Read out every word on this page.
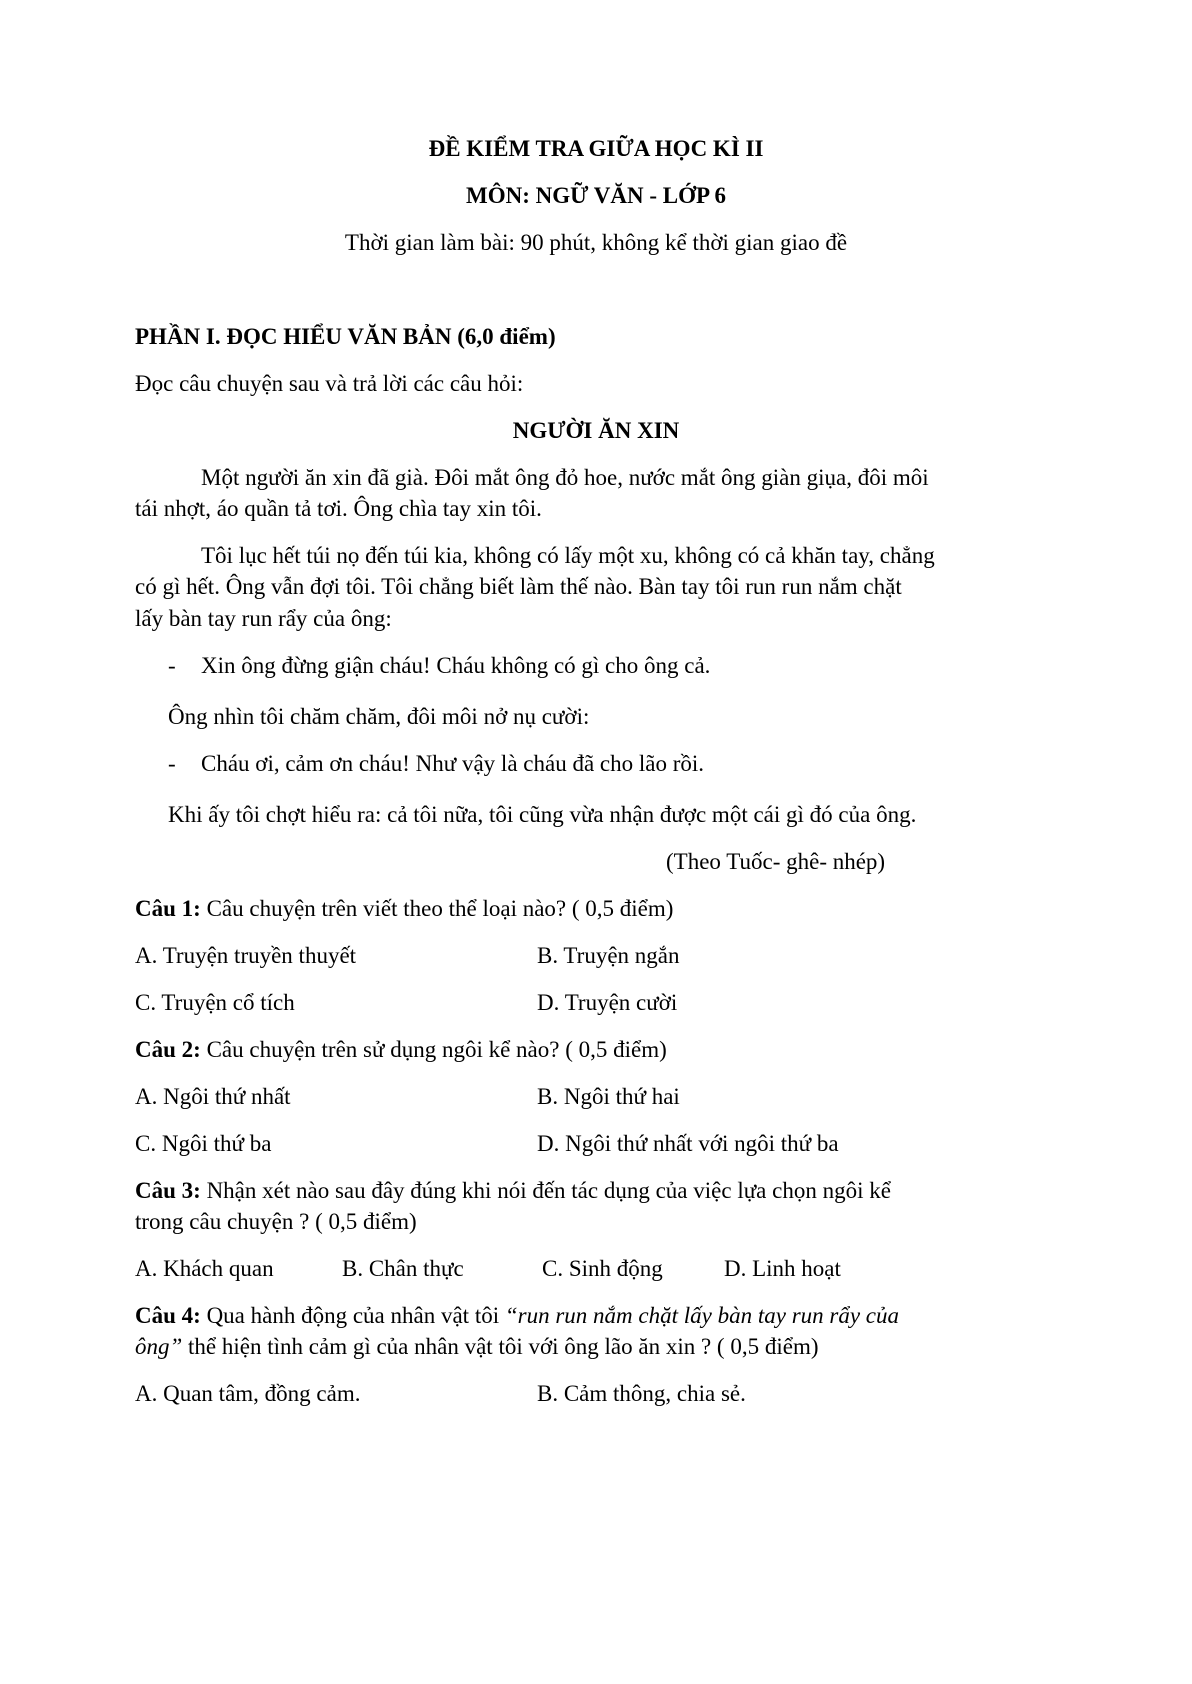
ĐỀ KIỂM TRA GIỮA HỌC KÌ II
MÔN: NGỮ VĂN - LỚP 6
Thời gian làm bài: 90 phút, không kể thời gian giao đề
PHẦN I. ĐỌC HIỂU VĂN BẢN (6,0 điểm)
Đọc câu chuyện sau và trả lời các câu hỏi:
NGƯỜI ĂN XIN
Một người ăn xin đã già. Đôi mắt ông đỏ hoe, nước mắt ông giàn giụa, đôi môi
tái nhợt, áo quần tả tơi. Ông chìa tay xin tôi.
Tôi lục hết túi nọ đến túi kia, không có lấy một xu, không có cả khăn tay, chẳng
có gì hết. Ông vẫn đợi tôi. Tôi chẳng biết làm thế nào. Bàn tay tôi run run nắm chặt
lấy bàn tay run rẩy của ông:
- Xin ông đừng giận cháu! Cháu không có gì cho ông cả.
Ông nhìn tôi chăm chăm, đôi môi nở nụ cười:
- Cháu ơi, cảm ơn cháu! Như vậy là cháu đã cho lão rồi.
Khi ấy tôi chợt hiểu ra: cả tôi nữa, tôi cũng vừa nhận được một cái gì đó của ông.
(Theo Tuốc- ghê- nhép)
Câu 1: Câu chuyện trên viết theo thể loại nào? ( 0,5 điểm)
A. Truyện truyền thuyết	B. Truyện ngắn
C. Truyện cổ tích	D. Truyện cười
Câu 2: Câu chuyện trên sử dụng ngôi kể nào? ( 0,5 điểm)
A. Ngôi thứ nhất	B. Ngôi thứ hai
C. Ngôi thứ ba	D. Ngôi thứ nhất với ngôi thứ ba
Câu 3: Nhận xét nào sau đây đúng khi nói đến tác dụng của việc lựa chọn ngôi kể
trong câu chuyện ? ( 0,5 điểm)
A. Khách quan	B. Chân thực	C. Sinh động	D. Linh hoạt
Câu 4: Qua hành động của nhân vật tôi “run run nắm chặt lấy bàn tay run rẩy của
ông” thể hiện tình cảm gì của nhân vật tôi với ông lão ăn xin ? ( 0,5 điểm)
A. Quan tâm, đồng cảm.	B. Cảm thông, chia sẻ.
